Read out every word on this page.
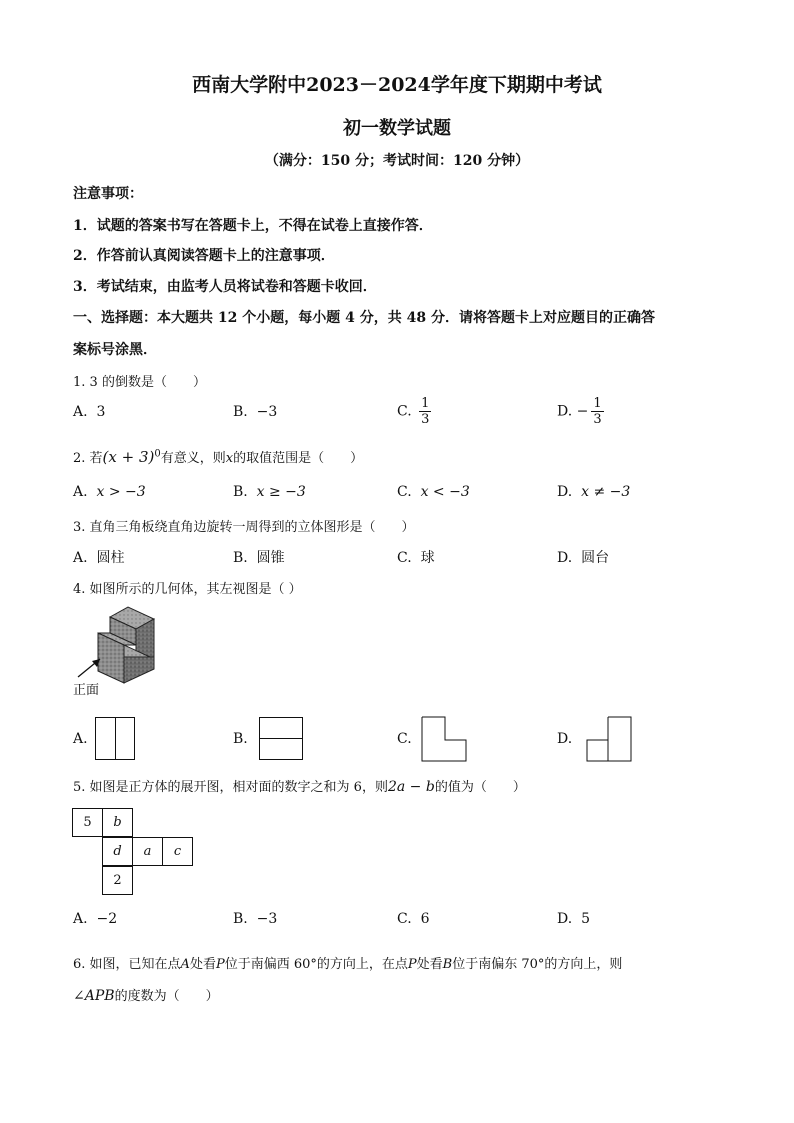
西南大学附中2023－2024学年度下期期中考试
初一数学试题
（满分：150 分；考试时间：120 分钟）
注意事项：
1．试题的答案书写在答题卡上，不得在试卷上直接作答．
2．作答前认真阅读答题卡上的注意事项．
3．考试结束，由监考人员将试卷和答题卡收回．
一、选择题：本大题共 12 个小题，每小题 4 分，共 48 分．请将答题卡上对应题目的正确答
案标号涂黑．
1. 3 的倒数是（　　）
A. 3	B. −3	C. $\frac{1}{3}$	D. − $\frac{1}{3}$
2. 若$(x + 3)^0$有意义，则x的取值范围是（　　）
A. x > −3	B. x ≥ −3	C. x < −3	D. x ≠ −3
3. 直角三角板绕直角边旋转一周得到的立体图形是（　　）
A. 圆柱	B. 圆锥	C. 球	D. 圆台
4. 如图所示的几何体，其左视图是（ ）
正面
A.	B.	C.	D.
5. 如图是正方体的展开图，相对面的数字之和为 6，则2a − b的值为（　　）
5	b
d	a	c
2
A. −2	B. −3	C. 6	D. 5
6. 如图，已知在点A处看P位于南偏西 60°的方向上，在点P处看B位于南偏东 70°的方向上，则
∠APB的度数为（　　）
